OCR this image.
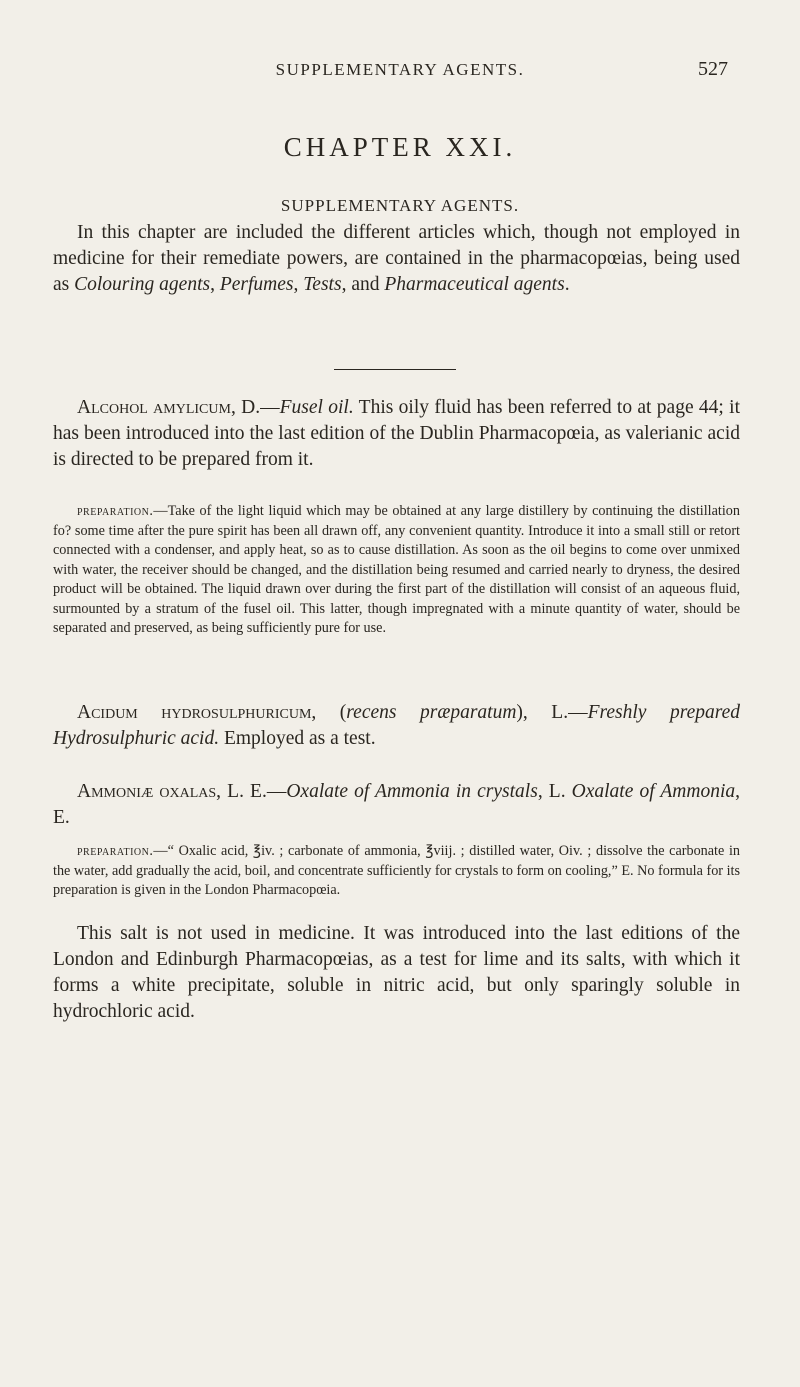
SUPPLEMENTARY AGENTS.	527
CHAPTER XXI.
SUPPLEMENTARY AGENTS.

In this chapter are included the different articles which, though not employed in medicine for their remediate powers, are contained in the pharmacopœias, being used as Colouring agents, Perfumes, Tests, and Pharmaceutical agents.

Alcohol amylicum, D.—Fusel oil. This oily fluid has been referred to at page 44; it has been introduced into the last edition of the Dublin Pharmacopœia, as valerianic acid is directed to be prepared from it.

preparation.—Take of the light liquid which may be obtained at any large distillery by continuing the distillation fo? some time after the pure spirit has been all drawn off, any convenient quantity. Introduce it into a small still or retort connected with a condenser, and apply heat, so as to cause distillation. As soon as the oil begins to come over unmixed with water, the receiver should be changed, and the distillation being resumed and carried nearly to dryness, the desired product will be obtained. The liquid drawn over during the first part of the distillation will consist of an aqueous fluid, surmounted by a stratum of the fusel oil. This latter, though impregnated with a minute quantity of water, should be separated and preserved, as being sufficiently pure for use.

Acidum hydrosulphuricum, (recens præparatum), L.—Freshly prepared Hydrosulphuric acid. Employed as a test.

Ammoniæ oxalas, L. E.—Oxalate of Ammonia in crystals, L. Oxalate of Ammonia, E.

preparation.—“ Oxalic acid, ℥iv. ; carbonate of ammonia, ℥viij. ; distilled water, Oiv. ; dissolve the carbonate in the water, add gradually the acid, boil, and concentrate sufficiently for crystals to form on cooling,” E. No formula for its preparation is given in the London Pharmacopœia.

This salt is not used in medicine. It was introduced into the last editions of the London and Edinburgh Pharmacopœias, as a test for lime and its salts, with which it forms a white precipitate, soluble in nitric acid, but only sparingly soluble in hydrochloric acid.
